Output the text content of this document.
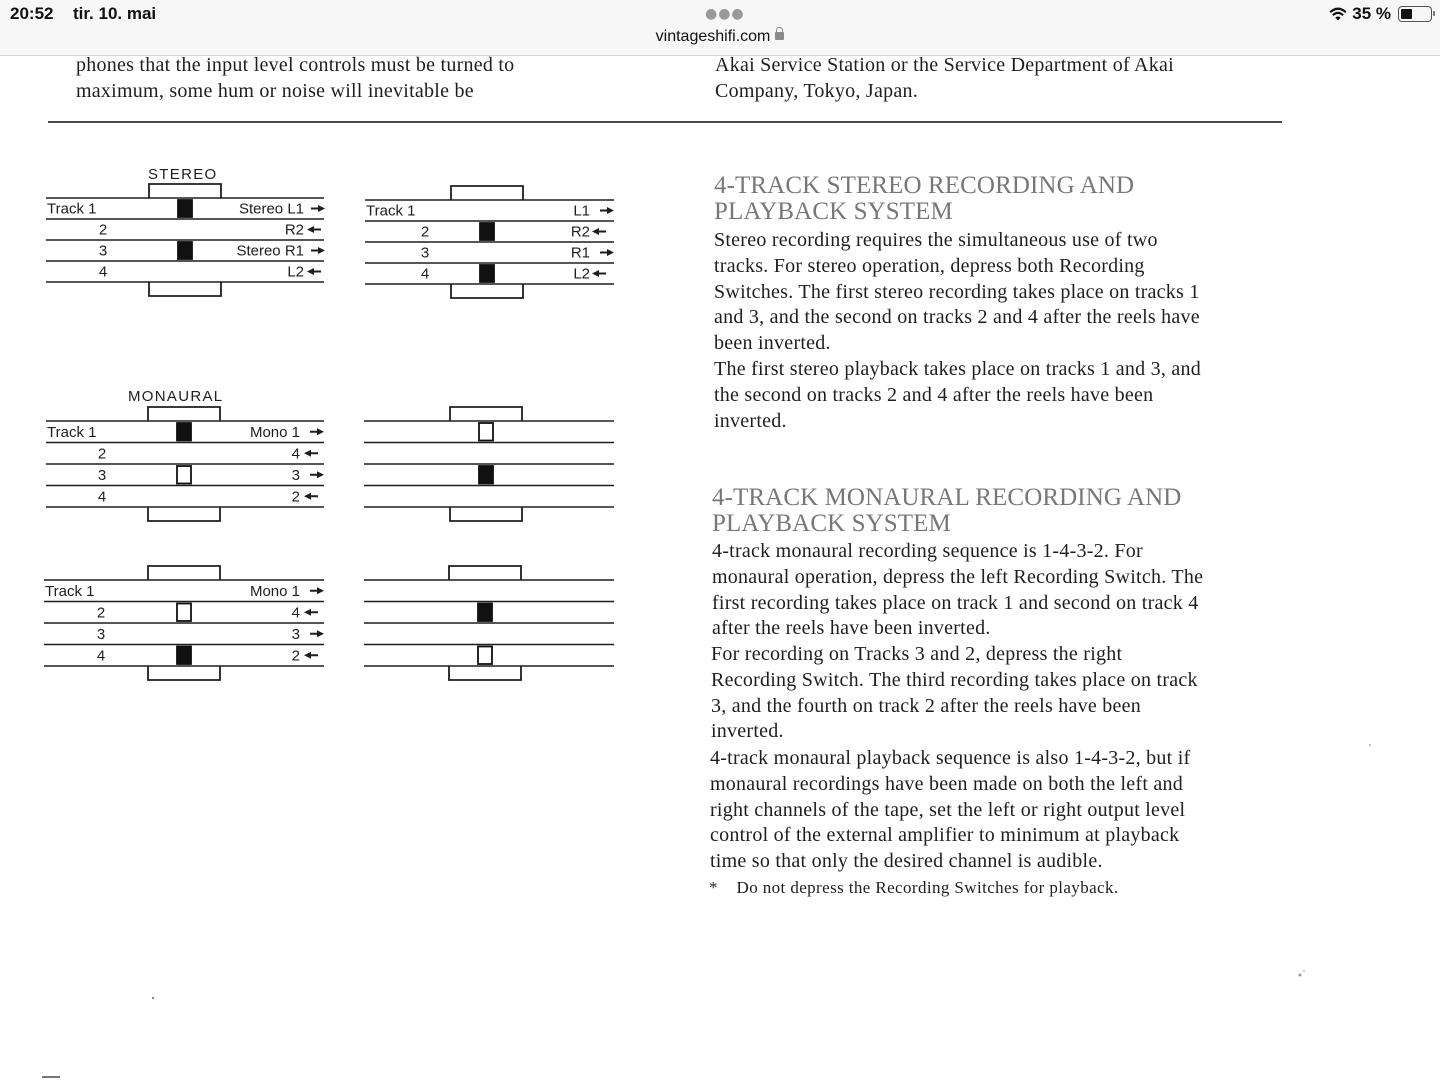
20:52 tir. 10. mai	●●●
vintageshifi.com
35 %
phones that the input level controls must be turned to
maximum, some hum or noise will inevitable be
Akai Service Station or the Service Department of Akai
Company, Tokyo, Japan.
4-TRACK STEREO RECORDING AND
PLAYBACK SYSTEM
Stereo recording requires the simultaneous use of two
tracks. For stereo operation, depress both Recording
Switches. The first stereo recording takes place on tracks 1
and 3, and the second on tracks 2 and 4 after the reels have
been inverted.
The first stereo playback takes place on tracks 1 and 3, and
the second on tracks 2 and 4 after the reels have been
inverted.
4-TRACK MONAURAL RECORDING AND
PLAYBACK SYSTEM
4-track monaural recording sequence is 1-4-3-2. For
monaural operation, depress the left Recording Switch. The
first recording takes place on track 1 and second on track 4
after the reels have been inverted.
For recording on Tracks 3 and 2, depress the right
Recording Switch. The third recording takes place on track
3, and the fourth on track 2 after the reels have been
inverted.
4-track monaural playback sequence is also 1-4-3-2, but if
monaural recordings have been made on both the left and
right channels of the tape, set the left or right output level
control of the external amplifier to minimum at playback
time so that only the desired channel is audible.
* Do not depress the Recording Switches for playback.
STEREO
MONAURAL
Track 1
2
3
4
Stereo L1
R2
Stereo R1
L2
Track 1
2
3
4
L1
R2
R1
L2
Track 1
2
3
4
Mono 1
4
3
2
Track 1
2
3
4
Mono 1
4
3
2
